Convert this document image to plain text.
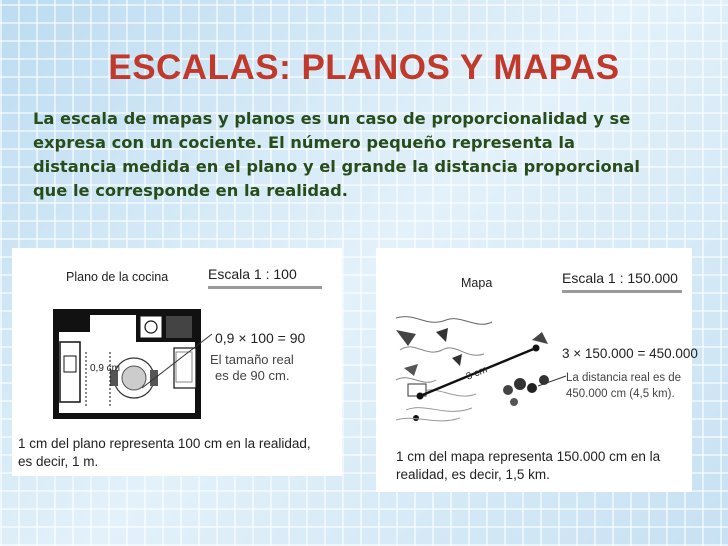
ESCALAS: PLANOS Y MAPAS
La escala de mapas y planos es un caso de proporcionalidad y se expresa con un cociente. El número pequeño representa la distancia medida en el plano y el grande la distancia proporcional que le corresponde en la realidad.
Plano de la cocina	Escala 1 : 100
0,9 cm
0,9 × 100 = 90
El tamaño real
es de 90 cm.
1 cm del plano representa 100 cm en la realidad,
es decir, 1 m.
Mapa	Escala 1 : 150.000
3 cm
3 × 150.000 = 450.000
La distancia real es de
450.000 cm (4,5 km).
1 cm del mapa representa 150.000 cm en la
realidad, es decir, 1,5 km.
